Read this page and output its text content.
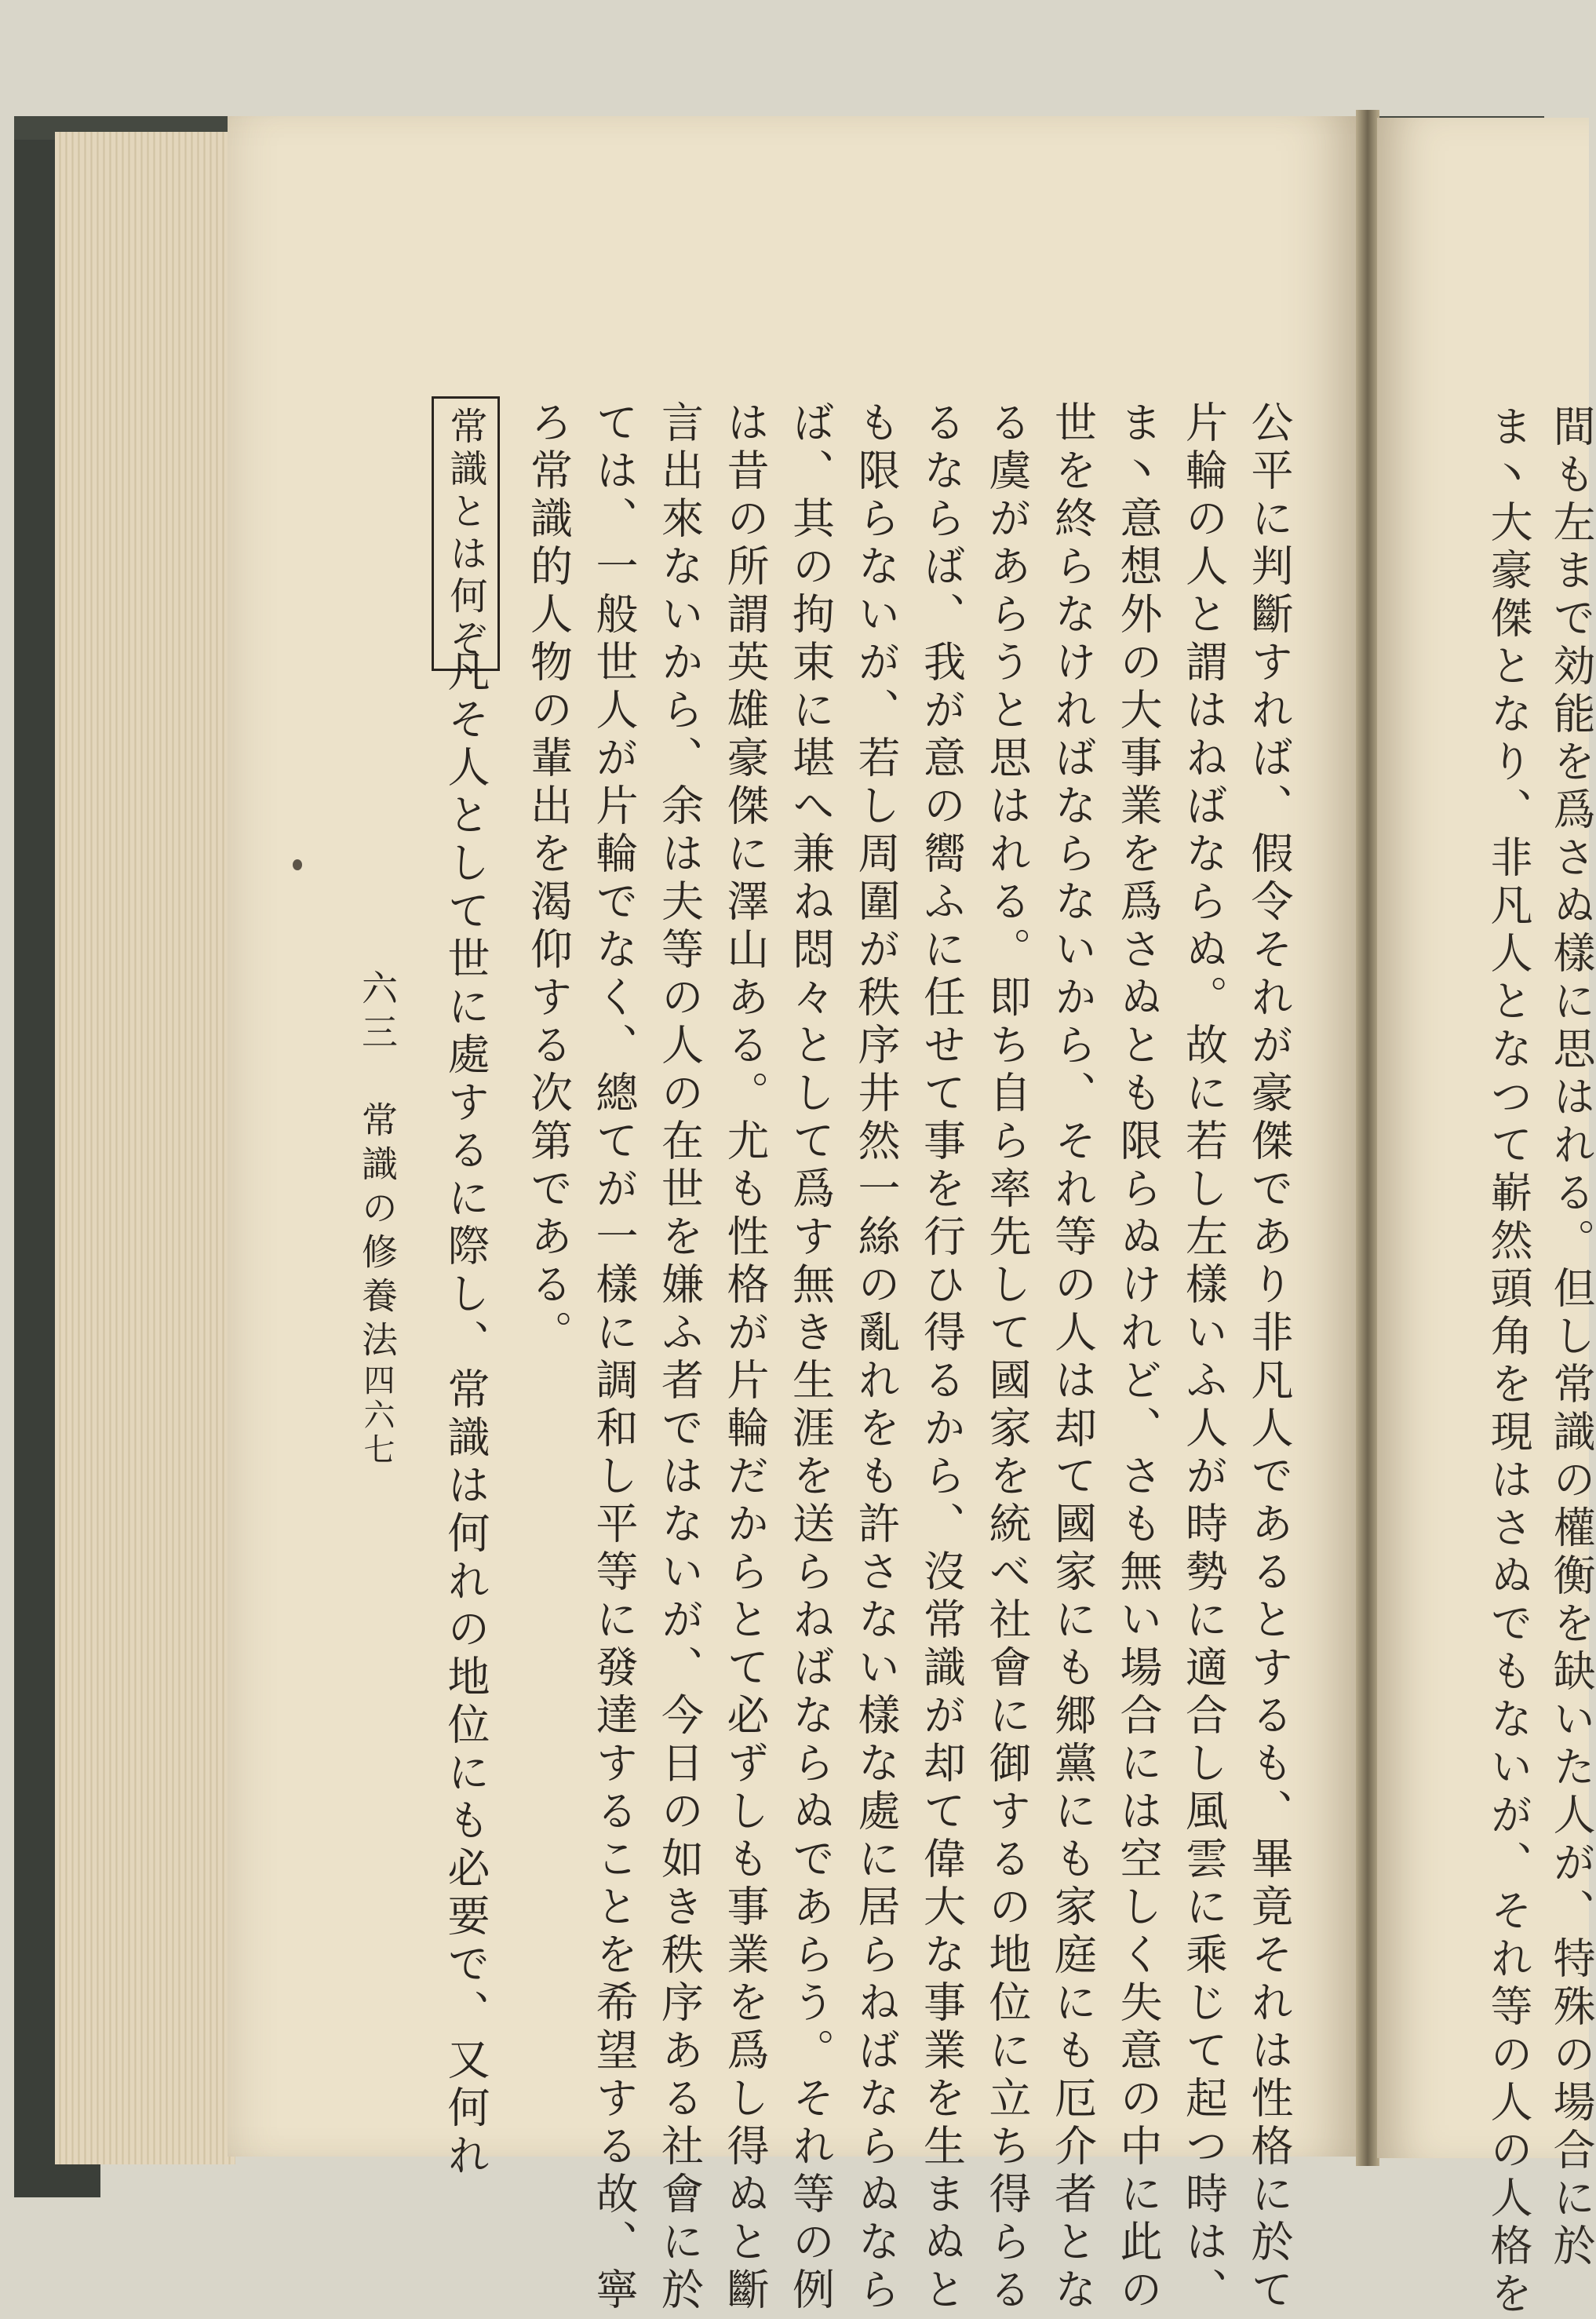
六三　常識の修養法
四六七
常識とは何ぞ	公平に判斷すれば、假令それが豪傑であり非凡人であるとするも、畢竟それは性格に於て
片輪の人と謂はねばならぬ。故に若し左樣いふ人が時勢に適合し風雲に乘じて起つ時は、
ま丶意想外の大事業を爲さぬとも限らぬけれど、さも無い場合には空しく失意の中に此の
世を終らなければならないから、それ等の人は却て國家にも郷黨にも家庭にも厄介者とな
る虞があらうと思はれる。即ち自ら率先して國家を統べ社會に御するの地位に立ち得らる
るならば、我が意の嚮ふに任せて事を行ひ得るから、沒常識が却て偉大な事業を生まぬと
も限らないが、若し周圍が秩序井然一絲の亂れをも許さない樣な處に居らねばならぬなら
ば、其の拘束に堪へ兼ね悶々として爲す無き生涯を送らねばならぬであらう。それ等の例
は昔の所謂英雄豪傑に澤山ある。尤も性格が片輪だからとて必ずしも事業を爲し得ぬと斷
言出來ないから、余は夫等の人の在世を嫌ふ者ではないが、今日の如き秩序ある社會に於
ては、一般世人が片輪でなく、總てが一樣に調和し平等に發達することを希望する故、寧
ろ常識的人物の輩出を渴仰する次第である。
凡そ人として世に處するに際し、常識は何れの地位にも必要で、又何れ	ま丶大豪傑となり、非凡人となつて嶄然頭角を現はさぬでもないが、それ等の人の人格を 間も左まで効能を爲さぬ樣に思はれる。但し常識の權衡を缺いた人が、特殊の場合に於
